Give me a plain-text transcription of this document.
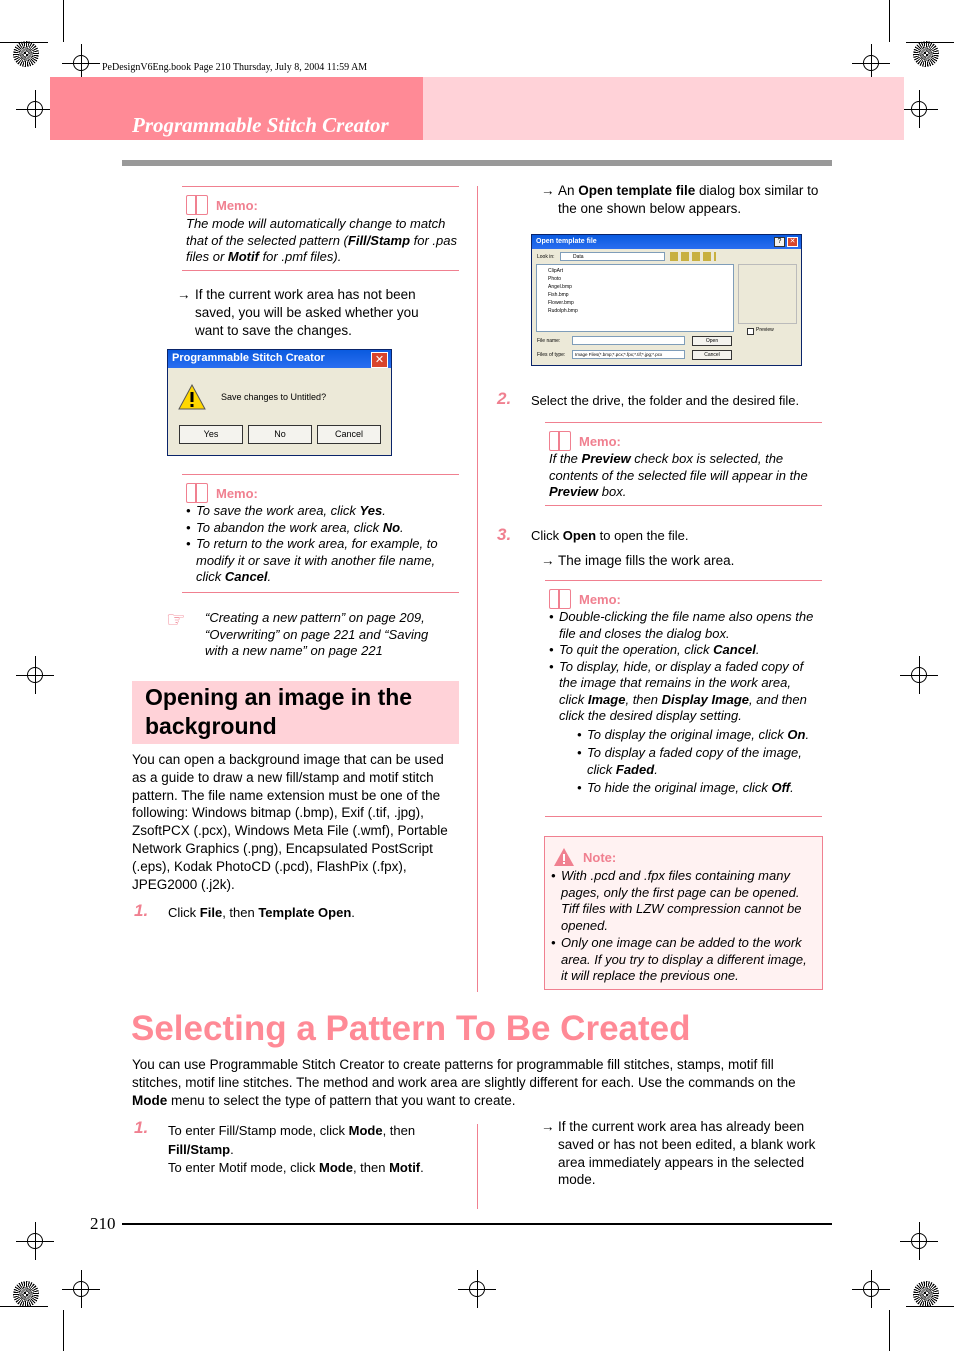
PeDesignV6Eng.book Page 210 Thursday, July 8, 2004 11:59 AM
Programmable Stitch Creator
Memo:
The mode will automatically change to match that of the selected pattern (Fill/Stamp for .pas files or Motif for .pmf files).
→ If the current work area has not been saved, you will be asked whether you want to save the changes.
Programmable Stitch Creator	✕
Save changes to Untitled?
Yes	No	Cancel
Memo:
• To save the work area, click Yes.
• To abandon the work area, click No.
• To return to the work area, for example, to modify it or save it with another file name, click Cancel.
☞ “Creating a new pattern” on page 209, “Overwriting” on page 221 and “Saving with a new name” on page 221
Opening an image in the background
You can open a background image that can be used as a guide to draw a new fill/stamp and motif stitch pattern. The file name extension must be one of the following: Windows bitmap (.bmp), Exif (.tif, .jpg), ZsoftPCX (.pcx), Windows Meta File (.wmf), Portable Network Graphics (.png), Encapsulated PostScript (.eps), Kodak PhotoCD (.pcd), FlashPix (.fpx), JPEG2000 (.j2k).
1. Click File, then Template Open.
→ An Open template file dialog box similar to the one shown below appears.
Open template file	?	✕
Look in:	Data
ClipArt
Photo
Angel.bmp
Fish.bmp
Flower.bmp
Rudolph.bmp
Preview
File name:
Files of type:	Image Files(*.bmp;*.pcx;*.fpx;*.tif;*.jpg;*.pcx
Open
Cancel
2. Select the drive, the folder and the desired file.
Memo:
If the Preview check box is selected, the contents of the selected file will appear in the Preview box.
3. Click Open to open the file.
→ The image fills the work area.
Memo:
• Double-clicking the file name also opens the file and closes the dialog box.
• To quit the operation, click Cancel.
• To display, hide, or display a faded copy of the image that remains in the work area, click Image, then Display Image, and then click the desired display setting.
• To display the original image, click On.
• To display a faded copy of the image, click Faded.
• To hide the original image, click Off.
Note:
• With .pcd and .fpx files containing many pages, only the first page can be opened. Tiff files with LZW compression cannot be opened.
• Only one image can be added to the work area. If you try to display a different image, it will replace the previous one.
Selecting a Pattern To Be Created
You can use Programmable Stitch Creator to create patterns for programmable fill stitches, stamps, motif fill stitches, motif line stitches. The method and work area are slightly different for each. Use the commands on the Mode menu to select the type of pattern that you want to create.
1. To enter Fill/Stamp mode, click Mode, then Fill/Stamp.
To enter Motif mode, click Mode, then Motif.
→ If the current work area has already been saved or has not been edited, a blank work area immediately appears in the selected mode.
210
